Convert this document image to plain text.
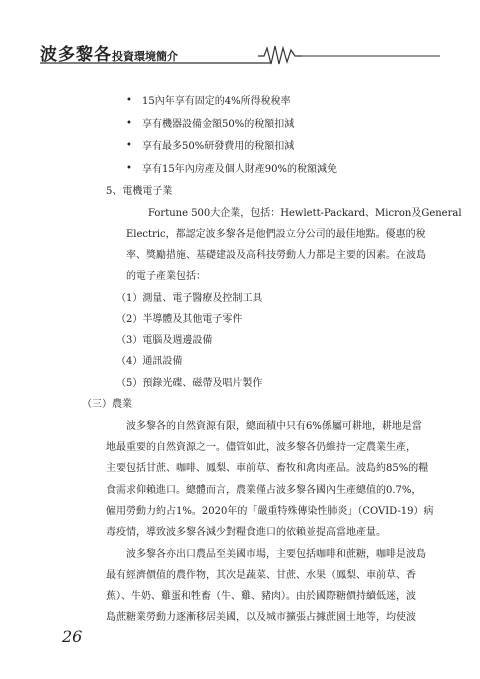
波多黎各投資環境簡介
• 15內年享有固定的4%所得稅稅率
• 享有機器設備金額50%的稅額扣減
• 享有最多50%研發費用的稅額扣減
• 享有15年內房產及個人財產90%的稅額減免
5、電機電子業
Fortune 500大企業，包括：Hewlett-Packard、Micron及General
Electric，都認定波多黎各是他們設立分公司的最佳地點。優惠的稅
率、獎勵措施、基礎建設及高科技勞動人力都是主要的因素。在波島
的電子產業包括：
（1）測量、電子醫療及控制工具
（2）半導體及其他電子零件
（3）電腦及週邊設備
（4）通訊設備
（5）預錄光碟、磁帶及唱片製作
（三）農業
波多黎各的自然資源有限，總面積中只有6%係屬可耕地，耕地是當
地最重要的自然資源之一。儘管如此，波多黎各仍維持一定農業生產，
主要包括甘蔗、咖啡、鳳梨、車前草、畜牧和禽肉產品。波島約85%的糧
食需求仰賴進口。總體而言，農業僅占波多黎各國內生產總值的0.7%，
僱用勞動力約占1%。2020年的「嚴重特殊傳染性肺炎」（COVID-19）病
毒疫情，導致波多黎各減少對糧食進口的依賴並提高當地產量。
波多黎各亦出口農品至美國市場，主要包括咖啡和蔗糖，咖啡是波島
最有經濟價值的農作物，其次是蔬菜、甘蔗、水果（鳳梨、車前草、香
蕉）、牛奶、雞蛋和牲畜（牛、雞、豬肉）。由於國際糖價持續低迷，波
島蔗糖業勞動力逐漸移居美國，以及城市擴張占據蔗園土地等，均使波
26
